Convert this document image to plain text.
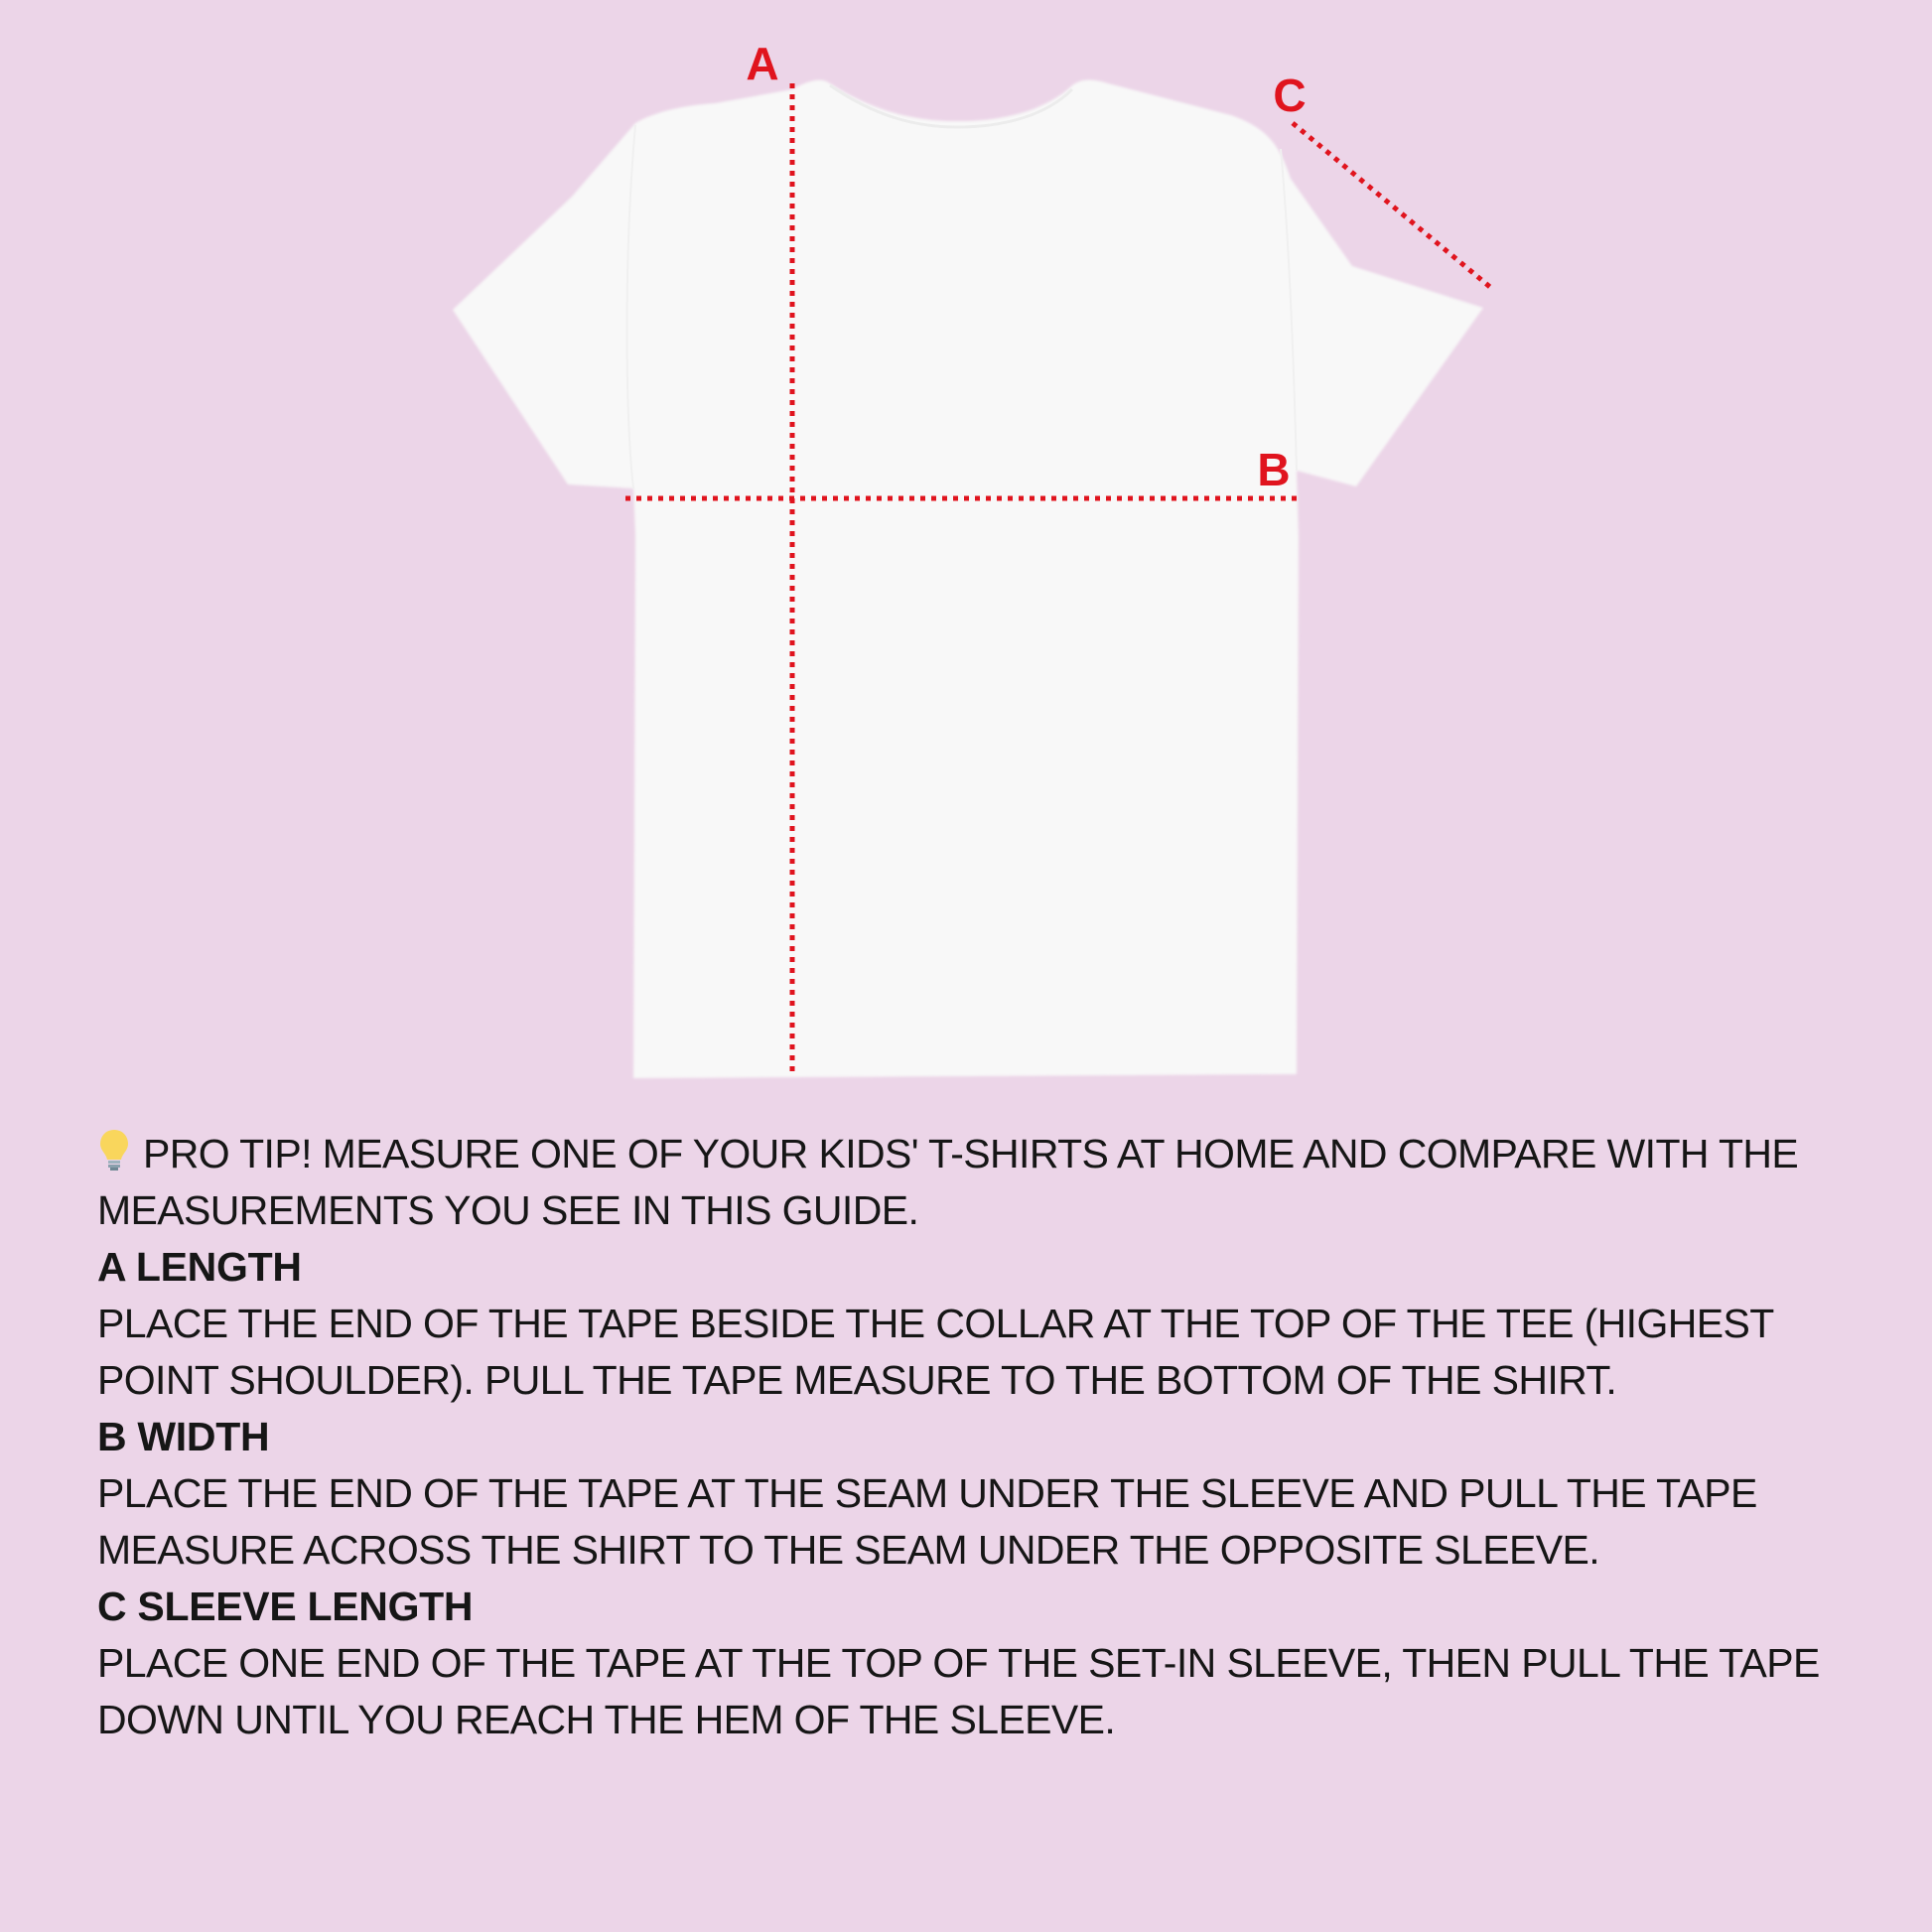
A
B
C

PRO TIP! MEASURE ONE OF YOUR KIDS' T-SHIRTS AT HOME AND COMPARE WITH THE MEASUREMENTS YOU SEE IN THIS GUIDE.

A LENGTH

PLACE THE END OF THE TAPE BESIDE THE COLLAR AT THE TOP OF THE TEE (HIGHEST POINT SHOULDER). PULL THE TAPE MEASURE TO THE BOTTOM OF THE SHIRT.

B WIDTH

PLACE THE END OF THE TAPE AT THE SEAM UNDER THE SLEEVE AND PULL THE TAPE MEASURE ACROSS THE SHIRT TO THE SEAM UNDER THE OPPOSITE SLEEVE.

C SLEEVE LENGTH

PLACE ONE END OF THE TAPE AT THE TOP OF THE SET-IN SLEEVE, THEN PULL THE TAPE DOWN UNTIL YOU REACH THE HEM OF THE SLEEVE.
